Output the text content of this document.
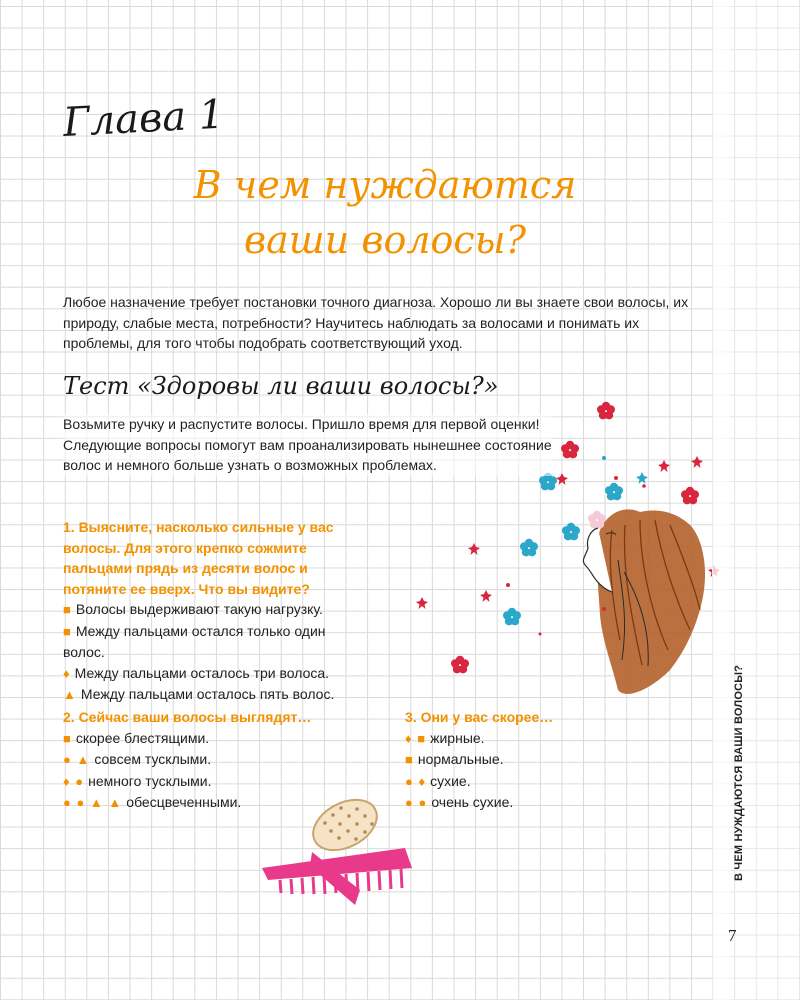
Глава 1
В чем нуждаются
ваши волосы?
Любое назначение требует постановки точного диагноза. Хорошо ли вы знаете свои волосы, их природу, слабые места, потребности? Научитесь наблюдать за волосами и понимать их проблемы, для того чтобы подобрать соответствующий уход.
Тест «Здоровы ли ваши волосы?»
Возьмите ручку и распустите волосы. Пришло время для первой оценки! Следующие вопросы помогут вам проанализировать нынешнее состояние волос и немного больше узнать о возможных проблемах.
1. Выясните, насколько сильные у вас волосы. Для этого крепко сожмите пальцами прядь из десяти волос и потяните ее вверх. Что вы видите?
■ Волосы выдерживают такую нагрузку.
■ Между пальцами остался только один волос.
♦ Между пальцами осталось три волоса.
▲ Между пальцами осталось пять волос.
2. Сейчас ваши волосы выглядят…
■ скорее блестящими.
● ▲ совсем тусклыми.
♦ ● немного тусклыми.
● ● ▲ ▲ обесцвеченными.
3. Они у вас скорее…
♦ ■ жирные.
■ нормальные.
● ♦ сухие.
● ● очень сухие.	В ЧЕМ НУЖДАЮТСЯ ВАШИ ВОЛОСЫ?
7
